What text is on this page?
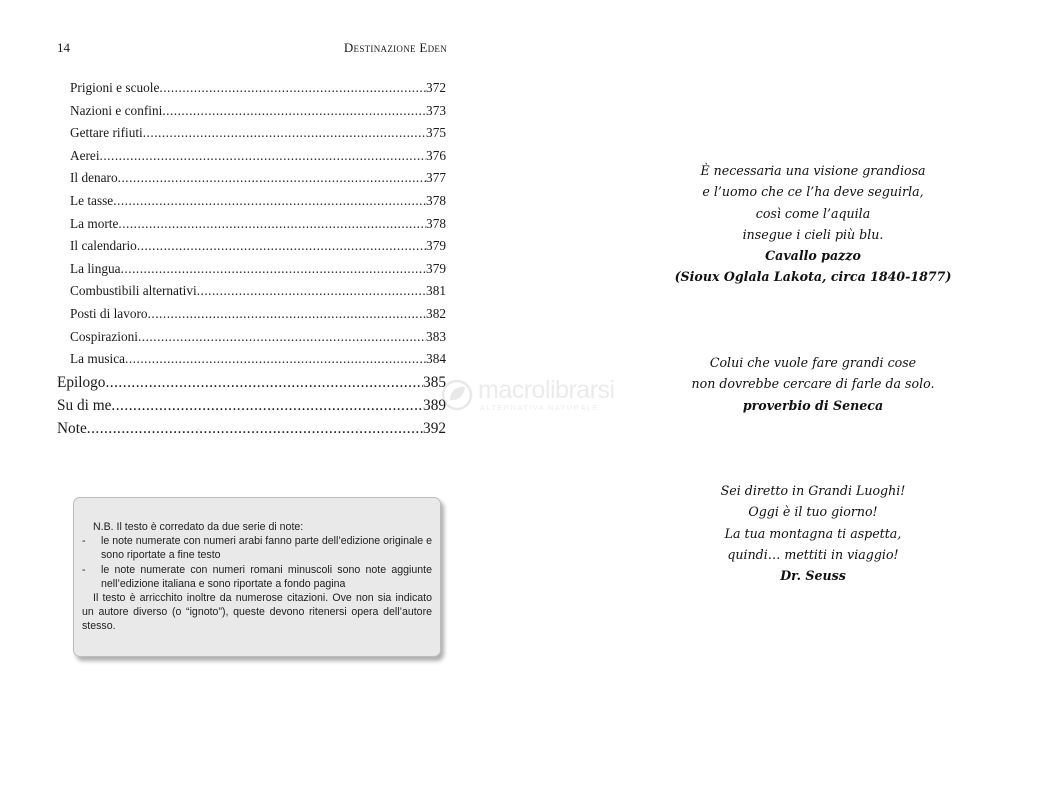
14	Destinazione Eden
Prigioni e scuole .....	372
Nazioni e confini .....	373
Gettare rifiuti .....	375
Aerei .....	376
Il denaro .....	377
Le tasse .....	378
La morte .....	378
Il calendario .....	379
La lingua .....	379
Combustibili alternativi .....	381
Posti di lavoro .....	382
Cospirazioni .....	383
La musica .....	384
Epilogo .....	385
Su di me .....	389
Note .....	392
N.B. Il testo è corredato da due serie di note:
-	le note numerate con numeri arabi fanno parte dell’edizione originale e sono riportate a fine testo
-	le note numerate con numeri romani minuscoli sono note aggiunte nell’edizione italiana e sono riportate a fondo pagina
Il testo è arricchito inoltre da numerose citazioni. Ove non sia indicato un autore diverso (o “ignoto”), queste devono ritenersi opera dell’autore stesso.
macrolibrarsi
ALTERNATIVA NATURALE
È necessaria una visione grandiosa
e l’uomo che ce l’ha deve seguirla,
così come l’aquila
insegue i cieli più blu.
Cavallo pazzo
(Sioux Oglala Lakota, circa 1840-1877)
Colui che vuole fare grandi cose
non dovrebbe cercare di farle da solo.
proverbio di Seneca
Sei diretto in Grandi Luoghi!
Oggi è il tuo giorno!
La tua montagna ti aspetta,
quindi… mettiti in viaggio!
Dr. Seuss
